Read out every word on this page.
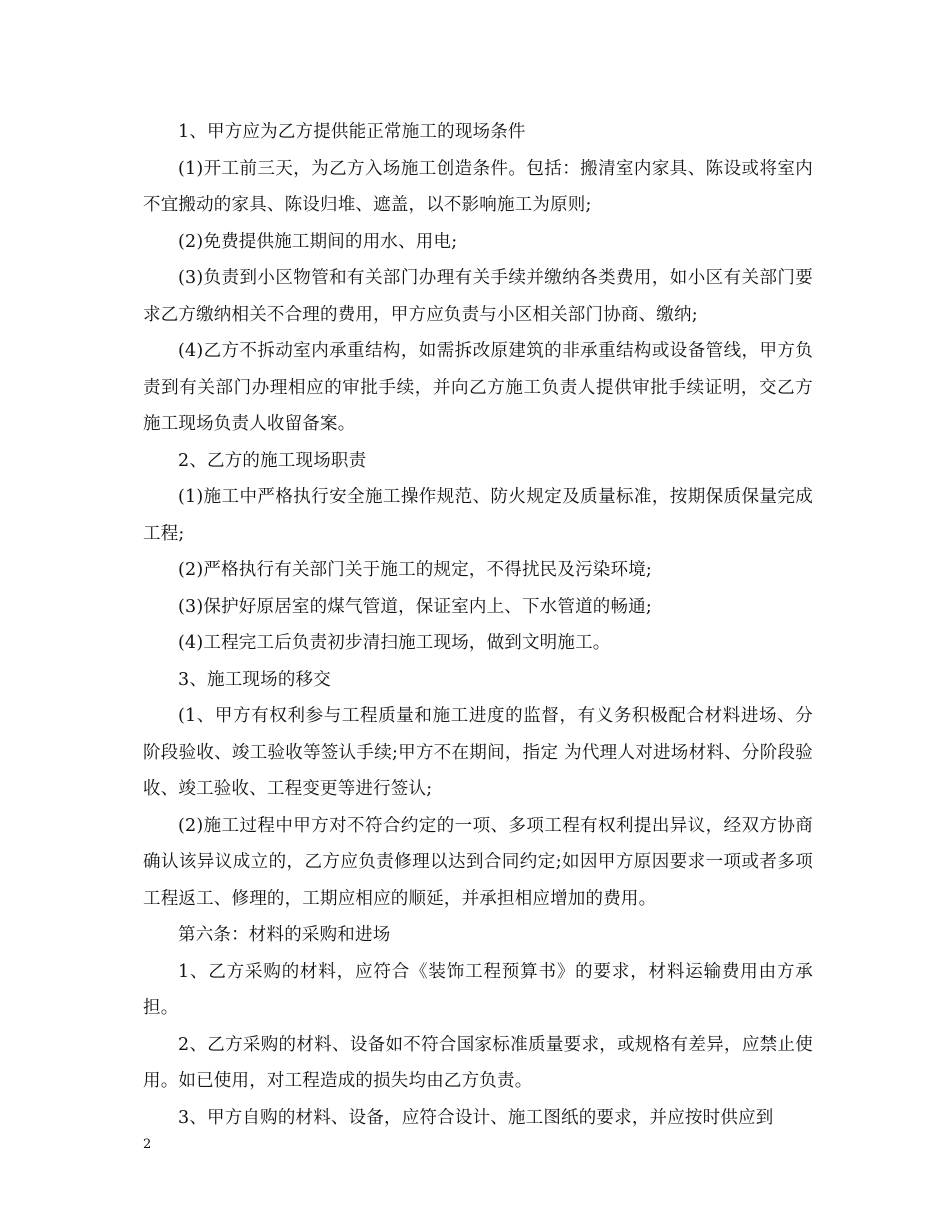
1、甲方应为乙方提供能正常施工的现场条件

(1)开工前三天，为乙方入场施工创造条件。包括：搬清室内家具、陈设或将室内不宜搬动的家具、陈设归堆、遮盖，以不影响施工为原则;

(2)免费提供施工期间的用水、用电;

(3)负责到小区物管和有关部门办理有关手续并缴纳各类费用，如小区有关部门要求乙方缴纳相关不合理的费用，甲方应负责与小区相关部门协商、缴纳;

(4)乙方不拆动室内承重结构，如需拆改原建筑的非承重结构或设备管线，甲方负责到有关部门办理相应的审批手续，并向乙方施工负责人提供审批手续证明，交乙方施工现场负责人收留备案。

2、乙方的施工现场职责

(1)施工中严格执行安全施工操作规范、防火规定及质量标准，按期保质保量完成工程;

(2)严格执行有关部门关于施工的规定，不得扰民及污染环境;

(3)保护好原居室的煤气管道，保证室内上、下水管道的畅通;

(4)工程完工后负责初步清扫施工现场，做到文明施工。

3、施工现场的移交

(1、甲方有权利参与工程质量和施工进度的监督，有义务积极配合材料进场、分阶段验收、竣工验收等签认手续;甲方不在期间，指定 为代理人对进场材料、分阶段验收、竣工验收、工程变更等进行签认;

(2)施工过程中甲方对不符合约定的一项、多项工程有权利提出异议，经双方协商确认该异议成立的，乙方应负责修理以达到合同约定;如因甲方原因要求一项或者多项工程返工、修理的，工期应相应的顺延，并承担相应增加的费用。

第六条：材料的采购和进场

1、乙方采购的材料，应符合《装饰工程预算书》的要求，材料运输费用由方承担。

2、乙方采购的材料、设备如不符合国家标准质量要求，或规格有差异，应禁止使用。如已使用，对工程造成的损失均由乙方负责。

3、甲方自购的材料、设备，应符合设计、施工图纸的要求，并应按时供应到

2
